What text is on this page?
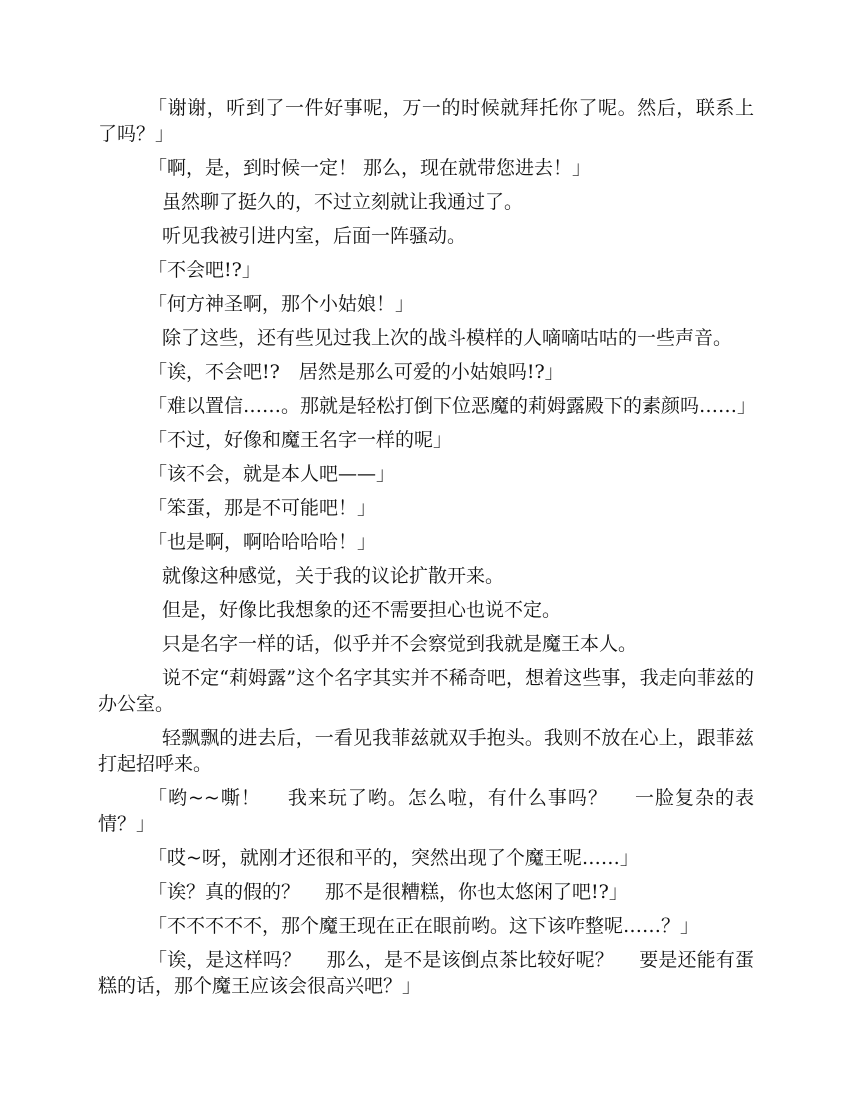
「谢谢，听到了一件好事呢，万一的时候就拜托你了呢。然后，联系上了吗？」

「啊，是，到时候一定！ 那么，现在就带您进去！」

虽然聊了挺久的，不过立刻就让我通过了。

听见我被引进内室，后面一阵骚动。

「不会吧!?」

「何方神圣啊，那个小姑娘！」

除了这些，还有些见过我上次的战斗模样的人嘀嘀咕咕的一些声音。

「诶，不会吧!?　居然是那么可爱的小姑娘吗!?」

「难以置信……。那就是轻松打倒下位恶魔的莉姆露殿下的素颜吗……」

「不过，好像和魔王名字一样的呢」

「该不会，就是本人吧——」

「笨蛋，那是不可能吧！」

「也是啊，啊哈哈哈哈！」

就像这种感觉，关于我的议论扩散开来。

但是，好像比我想象的还不需要担心也说不定。

只是名字一样的话，似乎并不会察觉到我就是魔王本人。

说不定“莉姆露”这个名字其实并不稀奇吧，想着这些事，我走向菲兹的办公室。

轻飘飘的进去后，一看见我菲兹就双手抱头。我则不放在心上，跟菲兹打起招呼来。

「哟~~嘶！　 我来玩了哟。怎么啦，有什么事吗？　 一脸复杂的表情？」

「哎~呀，就刚才还很和平的，突然出现了个魔王呢……」

「诶？真的假的？　 那不是很糟糕，你也太悠闲了吧!?」

「不不不不不，那个魔王现在正在眼前哟。这下该咋整呢……？」

「诶，是这样吗？　 那么，是不是该倒点茶比较好呢？　 要是还能有蛋糕的话，那个魔王应该会很高兴吧？」
